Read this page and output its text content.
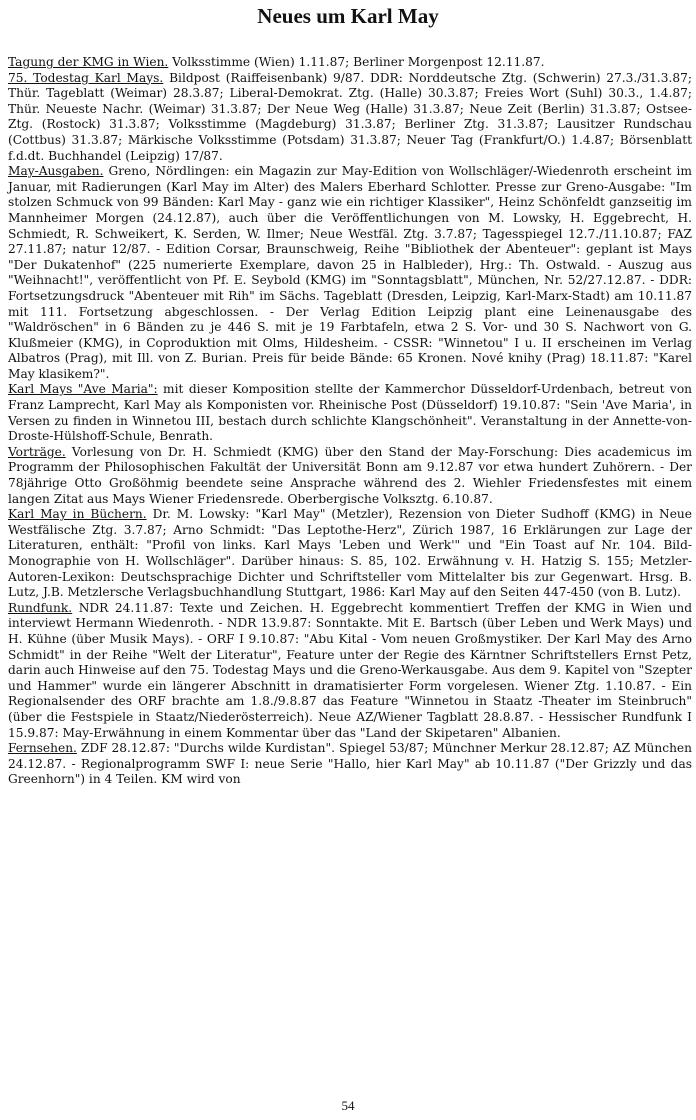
Neues um Karl May

Tagung der KMG in Wien. Volksstimme (Wien) 1.11.87; Berliner Morgenpost 12.11.87.

75. Todestag Karl Mays. Bildpost (Raiffeisenbank) 9/87. DDR: Norddeutsche Ztg. (Schwerin) 27.3./31.3.87; Thür. Tageblatt (Weimar) 28.3.87; Liberal-Demokrat. Ztg. (Halle) 30.3.87; Freies Wort (Suhl) 30.3., 1.4.87; Thür. Neueste Nachr. (Weimar) 31.3.87; Der Neue Weg (Halle) 31.3.87; Neue Zeit (Berlin) 31.3.87; Ostsee-Ztg. (Rostock) 31.3.87; Volksstimme (Magdeburg) 31.3.87; Berliner Ztg. 31.3.87; Lausitzer Rundschau (Cottbus) 31.3.87; Märkische Volksstimme (Potsdam) 31.3.87; Neuer Tag (Frankfurt/O.) 1.4.87; Börsenblatt f.d.dt. Buchhandel (Leipzig) 17/87.

May-Ausgaben. Greno, Nördlingen: ein Magazin zur May-Edition von Wollschläger/-Wiedenroth erscheint im Januar, mit Radierungen (Karl May im Alter) des Malers Eberhard Schlotter. Presse zur Greno-Ausgabe: "Im stolzen Schmuck von 99 Bänden: Karl May - ganz wie ein richtiger Klassiker", Heinz Schönfeldt ganzseitig im Mannheimer Morgen (24.12.87), auch über die Veröffentlichungen von M. Lowsky, H. Eggebrecht, H. Schmiedt, R. Schweikert, K. Serden, W. Ilmer; Neue Westfäl. Ztg. 3.7.87; Tagesspiegel 12.7./11.10.87; FAZ 27.11.87; natur 12/87. - Edition Corsar, Braunschweig, Reihe "Bibliothek der Abenteuer": geplant ist Mays "Der Dukatenhof" (225 numerierte Exemplare, davon 25 in Halbleder), Hrg.: Th. Ostwald. - Auszug aus "Weihnacht!", veröffentlicht von Pf. E. Seybold (KMG) im "Sonntagsblatt", München, Nr. 52/27.12.87. - DDR: Fortsetzungsdruck "Abenteuer mit Rih" im Sächs. Tageblatt (Dresden, Leipzig, Karl-Marx-Stadt) am 10.11.87 mit 111. Fortsetzung abgeschlossen. - Der Verlag Edition Leipzig plant eine Leinenausgabe des "Waldröschen" in 6 Bänden zu je 446 S. mit je 19 Farbtafeln, etwa 2 S. Vor- und 30 S. Nachwort von G. Klußmeier (KMG), in Coproduktion mit Olms, Hildesheim. - CSSR: "Winnetou" I u. II erscheinen im Verlag Albatros (Prag), mit Ill. von Z. Burian. Preis für beide Bände: 65 Kronen. Nové knihy (Prag) 18.11.87: "Karel May klasikem?".

Karl Mays "Ave Maria": mit dieser Komposition stellte der Kammerchor Düsseldorf-Urdenbach, betreut von Franz Lamprecht, Karl May als Komponisten vor. Rheinische Post (Düsseldorf) 19.10.87: "Sein 'Ave Maria', in Versen zu finden in Winnetou III, bestach durch schlichte Klangschönheit". Veranstaltung in der Annette-von-Droste-Hülshoff-Schule, Benrath.

Vorträge. Vorlesung von Dr. H. Schmiedt (KMG) über den Stand der May-Forschung: Dies academicus im Programm der Philosophischen Fakultät der Universität Bonn am 9.12.87 vor etwa hundert Zuhörern. - Der 78jährige Otto Großöhmig beendete seine Ansprache während des 2. Wiehler Friedensfestes mit einem langen Zitat aus Mays Wiener Friedensrede. Oberbergische Volksztg. 6.10.87.

Karl May in Büchern. Dr. M. Lowsky: "Karl May" (Metzler), Rezension von Dieter Sudhoff (KMG) in Neue Westfälische Ztg. 3.7.87; Arno Schmidt: "Das Leptothe-Herz", Zürich 1987, 16 Erklärungen zur Lage der Literaturen, enthält: "Profil von links. Karl Mays 'Leben und Werk'" und "Ein Toast auf Nr. 104. Bild-Monographie von H. Wollschläger". Darüber hinaus: S. 85, 102. Erwähnung v. H. Hatzig S. 155; Metzler-Autoren-Lexikon: Deutschsprachige Dichter und Schriftsteller vom Mittelalter bis zur Gegenwart. Hrsg. B. Lutz, J.B. Metzlersche Verlagsbuchhandlung Stuttgart, 1986: Karl May auf den Seiten 447-450 (von B. Lutz).

Rundfunk. NDR 24.11.87: Texte und Zeichen. H. Eggebrecht kommentiert Treffen der KMG in Wien und interviewt Hermann Wiedenroth. - NDR 13.9.87: Sonntakte. Mit E. Bartsch (über Leben und Werk Mays) und H. Kühne (über Musik Mays). - ORF I 9.10.87: "Abu Kital - Vom neuen Großmystiker. Der Karl May des Arno Schmidt" in der Reihe "Welt der Literatur", Feature unter der Regie des Kärntner Schriftstellers Ernst Petz, darin auch Hinweise auf den 75. Todestag Mays und die Greno-Werkausgabe. Aus dem 9. Kapitel von "Szepter und Hammer" wurde ein längerer Abschnitt in dramatisierter Form vorgelesen. Wiener Ztg. 1.10.87. - Ein Regionalsender des ORF brachte am 1.8./9.8.87 das Feature "Winnetou in Staatz -Theater im Steinbruch" (über die Festspiele in Staatz/Niederösterreich). Neue AZ/Wiener Tagblatt 28.8.87. - Hessischer Rundfunk I 15.9.87: May-Erwähnung in einem Kommentar über das "Land der Skipetaren" Albanien.

Fernsehen. ZDF 28.12.87: "Durchs wilde Kurdistan". Spiegel 53/87; Münchner Merkur 28.12.87; AZ München 24.12.87. - Regionalprogramm SWF I: neue Serie "Hallo, hier Karl May" ab 10.11.87 ("Der Grizzly und das Greenhorn") in 4 Teilen. KM wird von

54
